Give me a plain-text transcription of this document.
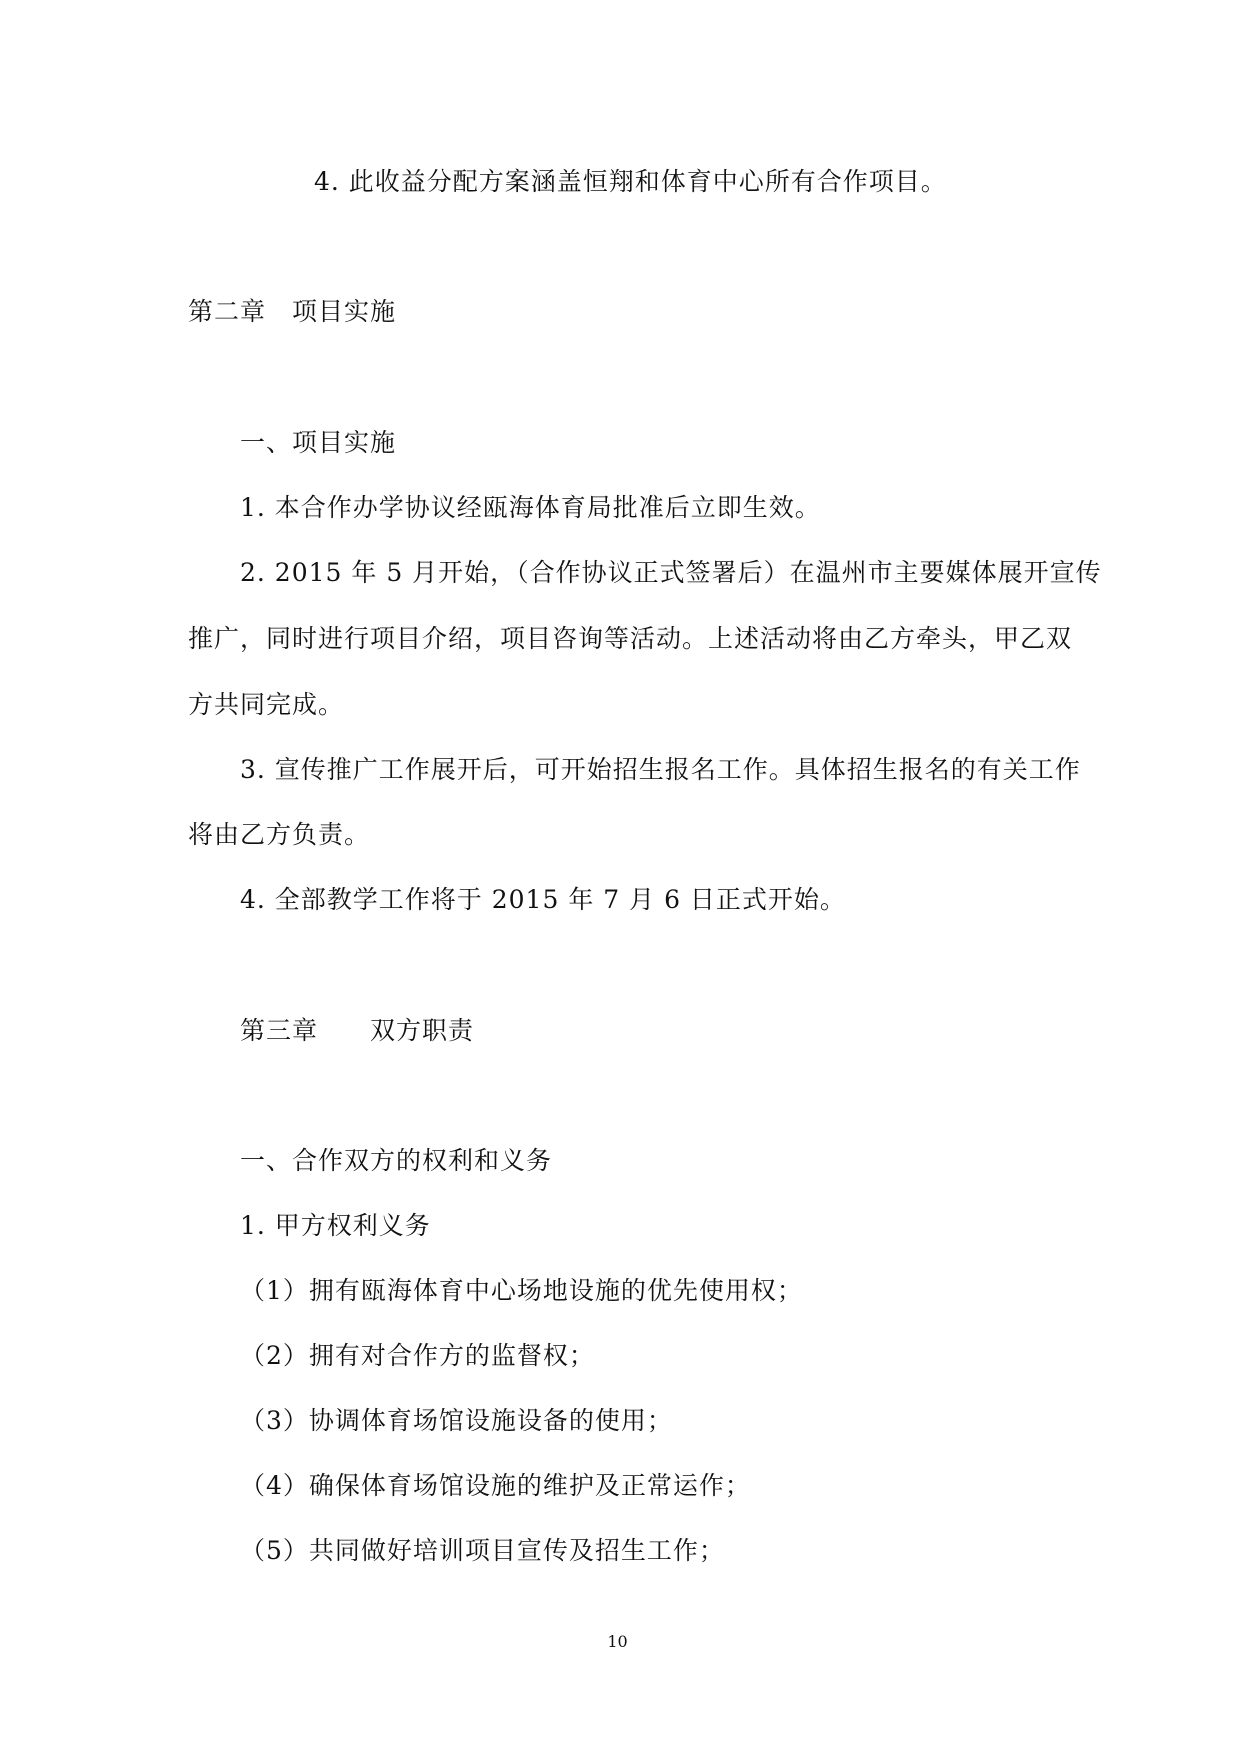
4. 此收益分配方案涵盖恒翔和体育中心所有合作项目。
第二章　项目实施
一、项目实施
1. 本合作办学协议经瓯海体育局批准后立即生效。
2. 2015 年 5 月开始，（合作协议正式签署后）在温州市主要媒体展开宣传
推广，同时进行项目介绍，项目咨询等活动。上述活动将由乙方牵头，甲乙双
方共同完成。
3. 宣传推广工作展开后，可开始招生报名工作。具体招生报名的有关工作
将由乙方负责。
4. 全部教学工作将于 2015 年 7 月 6 日正式开始。
第三章　　双方职责
一、合作双方的权利和义务
1. 甲方权利义务
（1）拥有瓯海体育中心场地设施的优先使用权；
（2）拥有对合作方的监督权；
（3）协调体育场馆设施设备的使用；
（4）确保体育场馆设施的维护及正常运作；
（5）共同做好培训项目宣传及招生工作；
10
